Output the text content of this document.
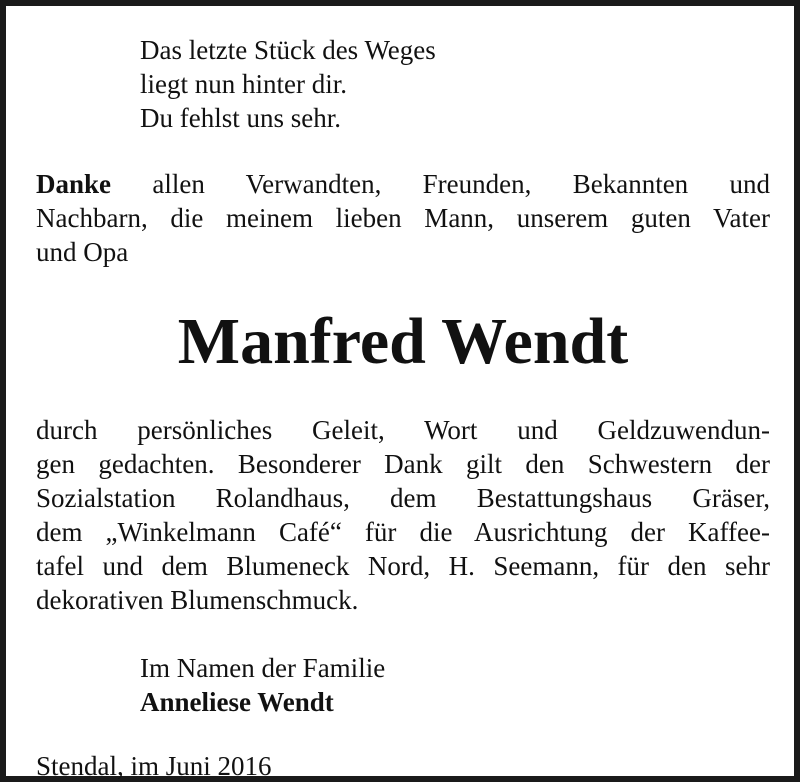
Das letzte Stück des Weges
liegt nun hinter dir.
Du fehlst uns sehr.
Danke allen Verwandten, Freunden, Bekannten und
Nachbarn, die meinem lieben Mann, unserem guten Vater
und Opa
Manfred Wendt
durch persönliches Geleit, Wort und Geldzuwendun-
gen gedachten. Besonderer Dank gilt den Schwestern der
Sozialstation Rolandhaus, dem Bestattungshaus Gräser,
dem „Winkelmann Café“ für die Ausrichtung der Kaffee-
tafel und dem Blumeneck Nord, H. Seemann, für den sehr
dekorativen Blumenschmuck.
Im Namen der Familie
Anneliese Wendt
Stendal, im Juni 2016
